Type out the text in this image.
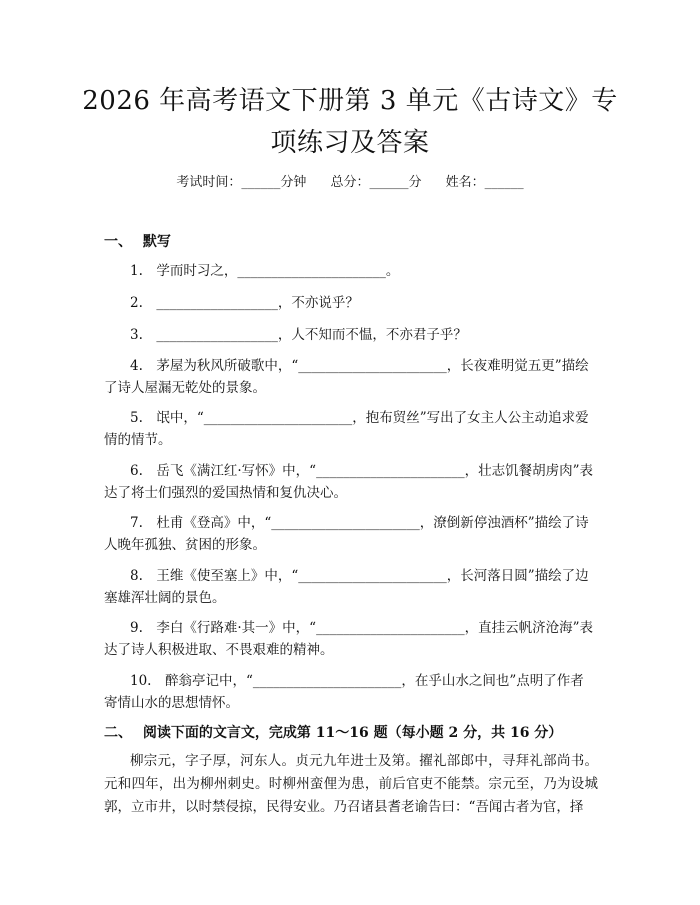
2026 年高考语文下册第 3 单元《古诗文》专
项练习及答案
考试时间：______分钟 总分：______分 姓名：______
一、 默写
1.　学而时习之，______________________。
2.　__________________，不亦说乎？
3.　__________________，人不知而不愠，不亦君子乎？
4.　茅屋为秋风所破歌中，“______________________，长夜难明觉五更”描绘了诗人屋漏无乾处的景象。
5.　氓中，“______________________，抱布贸丝”写出了女主人公主动追求爱情的情节。
6.　岳飞《满江红·写怀》中，“______________________，壮志饥餐胡虏肉”表达了将士们强烈的爱国热情和复仇决心。
7.　杜甫《登高》中，“______________________，潦倒新停浊酒杯”描绘了诗人晚年孤独、贫困的形象。
8.　王维《使至塞上》中，“______________________，长河落日圆”描绘了边塞雄浑壮阔的景色。
9.　李白《行路难·其一》中，“______________________，直挂云帆济沧海”表达了诗人积极进取、不畏艰难的精神。
10.　醉翁亭记中，“______________________，在乎山水之间也”点明了作者寄情山水的思想情怀。
二、 阅读下面的文言文，完成第 11～16 题（每小题 2 分，共 16 分）
柳宗元，字子厚，河东人。贞元九年进士及第。擢礼部郎中，寻拜礼部尚书。元和四年，出为柳州刺史。时柳州蛮俚为患，前后官吏不能禁。宗元至，乃为设城郭，立市井，以时禁侵掠，民得安业。乃召诸县耆老谕告曰：“吾闻古者为官，择
